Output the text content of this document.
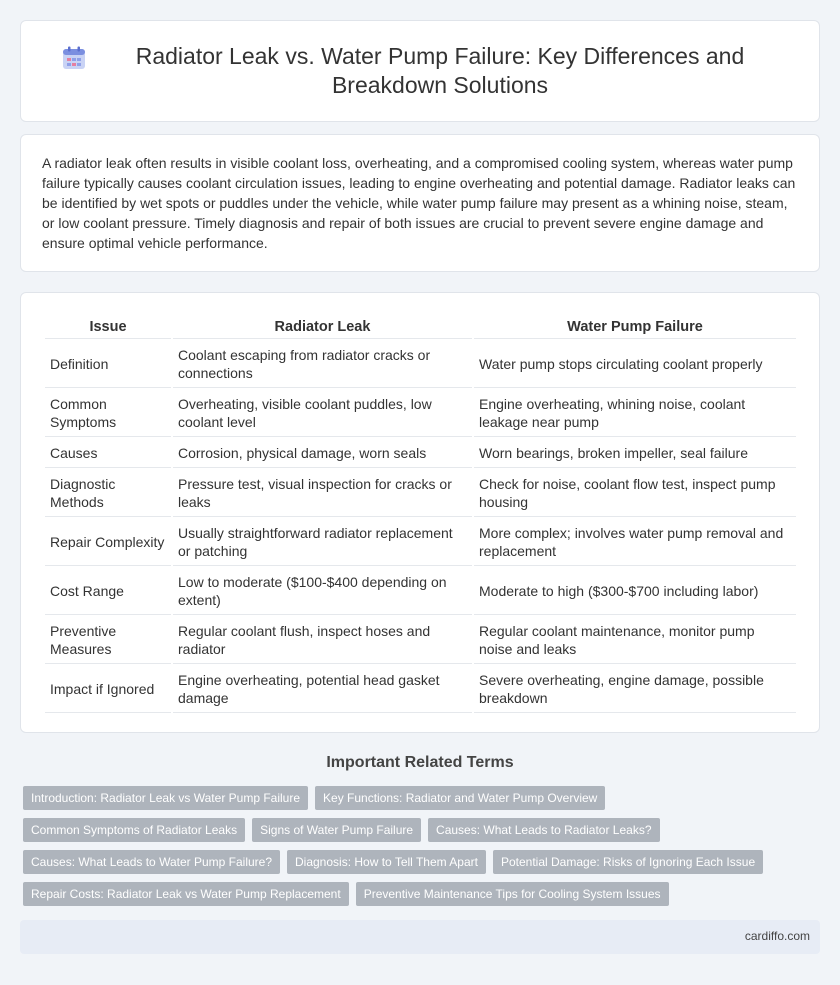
Radiator Leak vs. Water Pump Failure: Key Differences and Breakdown Solutions

A radiator leak often results in visible coolant loss, overheating, and a compromised cooling system, whereas water pump failure typically causes coolant circulation issues, leading to engine overheating and potential damage. Radiator leaks can be identified by wet spots or puddles under the vehicle, while water pump failure may present as a whining noise, steam, or low coolant pressure. Timely diagnosis and repair of both issues are crucial to prevent severe engine damage and ensure optimal vehicle performance.

Issue	Radiator Leak	Water Pump Failure
Definition	Coolant escaping from radiator cracks or connections	Water pump stops circulating coolant properly
Common Symptoms	Overheating, visible coolant puddles, low coolant level	Engine overheating, whining noise, coolant leakage near pump
Causes	Corrosion, physical damage, worn seals	Worn bearings, broken impeller, seal failure
Diagnostic Methods	Pressure test, visual inspection for cracks or leaks	Check for noise, coolant flow test, inspect pump housing
Repair Complexity	Usually straightforward radiator replacement or patching	More complex; involves water pump removal and replacement
Cost Range	Low to moderate ($100-$400 depending on extent)	Moderate to high ($300-$700 including labor)
Preventive Measures	Regular coolant flush, inspect hoses and radiator	Regular coolant maintenance, monitor pump noise and leaks
Impact if Ignored	Engine overheating, potential head gasket damage	Severe overheating, engine damage, possible breakdown
Important Related Terms
Introduction: Radiator Leak vs Water Pump Failure	Key Functions: Radiator and Water Pump Overview
Common Symptoms of Radiator Leaks	Signs of Water Pump Failure	Causes: What Leads to Radiator Leaks?
Causes: What Leads to Water Pump Failure?	Diagnosis: How to Tell Them Apart	Potential Damage: Risks of Ignoring Each Issue
Repair Costs: Radiator Leak vs Water Pump Replacement	Preventive Maintenance Tips for Cooling System Issues
cardiffo.com
